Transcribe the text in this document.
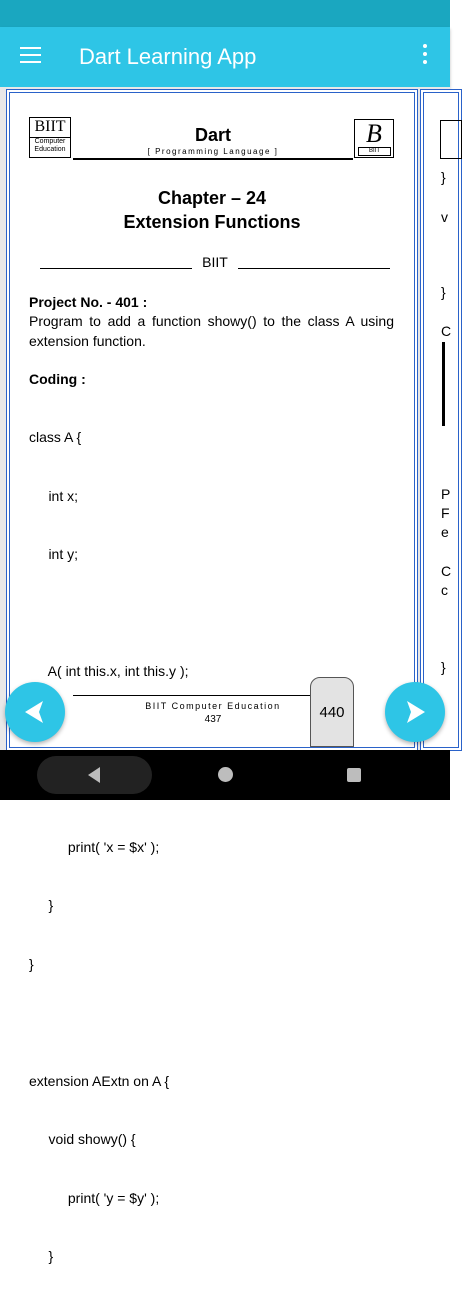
Dart Learning App
BIIT
Computer
Education
Dart
[ Programming Language ]
B
BIIT
Chapter – 24
Extension Functions
BIIT
Project No. - 401 :
Program to add a function showy() to the class A using extension function.
Coding :

class A {

int x;

int y;

A( int this.x, int this.y );

print( 'x = $x' );

}

}

extension AExtn on A {

void showy() {

print( 'y = $y' );

}

BIIT Computer Education
437
}
v
}
C
P
F
e
C
c
}
440
